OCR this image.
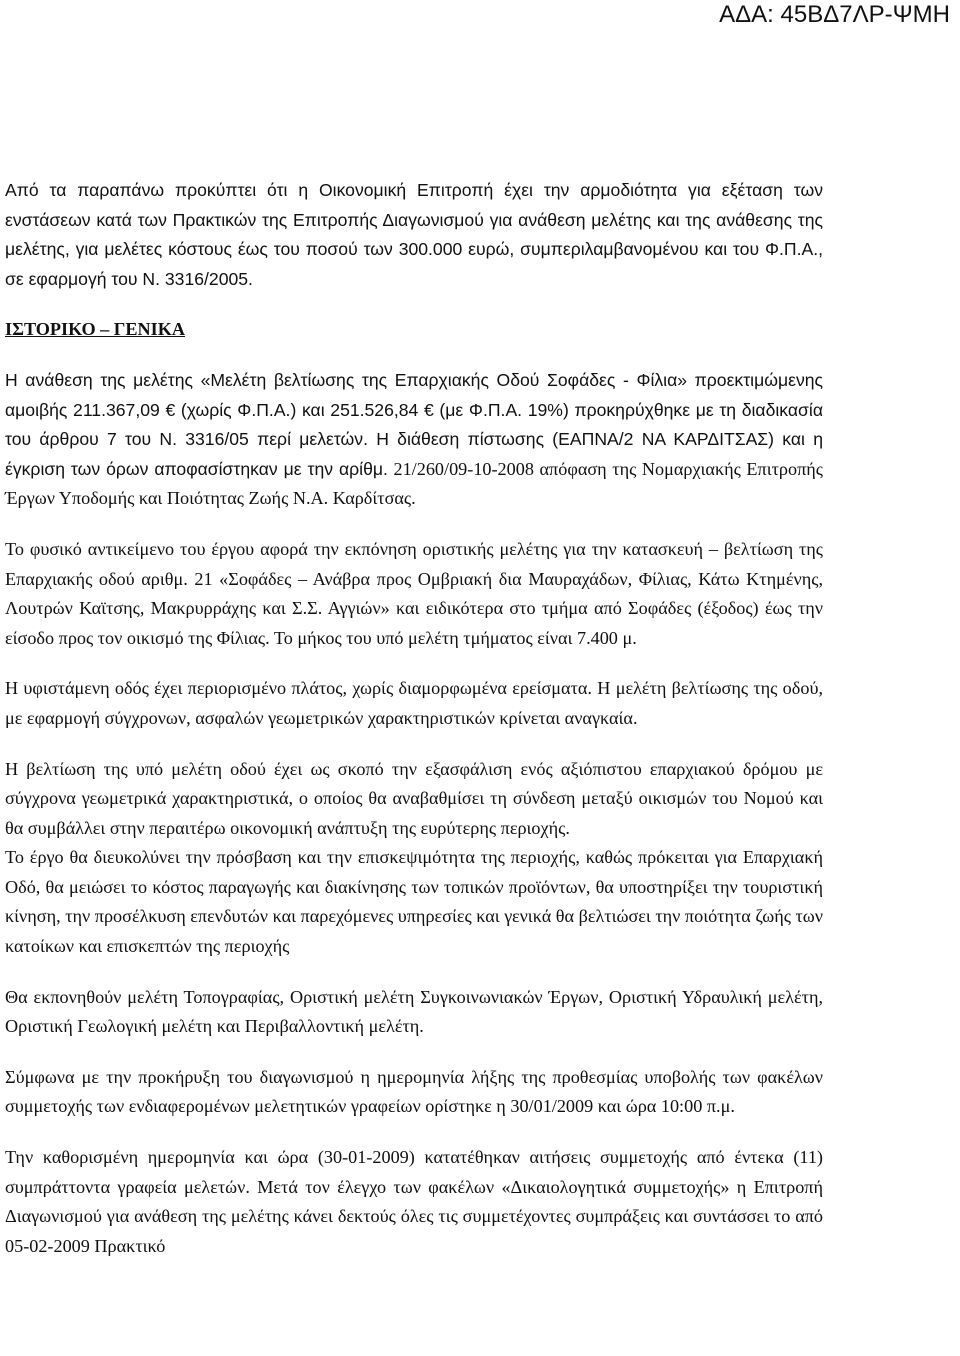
ΑΔΑ: 45ΒΔ7ΛΡ-ΨΜΗ

Από τα παραπάνω προκύπτει ότι η Οικονομική Επιτροπή έχει την αρμοδιότητα για εξέταση των ενστάσεων κατά των Πρακτικών της Επιτροπής Διαγωνισμού για ανάθεση μελέτης και της ανάθεσης της μελέτης, για μελέτες κόστους έως του ποσού των 300.000 ευρώ, συμπεριλαμβανομένου και του Φ.Π.Α., σε εφαρμογή του Ν. 3316/2005.

ΙΣΤΟΡΙΚΟ – ΓΕΝΙΚΑ

Η ανάθεση της μελέτης «Μελέτη βελτίωσης της Επαρχιακής Οδού Σοφάδες - Φίλια» προεκτιμώμενης αμοιβής 211.367,09 € (χωρίς Φ.Π.Α.) και 251.526,84 € (με Φ.Π.Α. 19%) προκηρύχθηκε με τη διαδικασία του άρθρου 7 του Ν. 3316/05 περί μελετών. Η διάθεση πίστωσης (ΕΑΠΝΑ/2 ΝΑ ΚΑΡΔΙΤΣΑΣ) και η έγκριση των όρων αποφασίστηκαν με την αρίθμ. 21/260/09-10-2008 απόφαση της Νομαρχιακής Επιτροπής Έργων Υποδομής και Ποιότητας Ζωής Ν.Α. Καρδίτσας.

Το φυσικό αντικείμενο του έργου αφορά την εκπόνηση οριστικής μελέτης για την κατασκευή – βελτίωση της Επαρχιακής οδού αριθμ. 21 «Σοφάδες – Ανάβρα προς Ομβριακή δια Μαυραχάδων, Φίλιας, Κάτω Κτημένης, Λουτρών Καϊτσης, Μακρυρράχης και Σ.Σ. Αγγιών» και ειδικότερα στο τμήμα από Σοφάδες (έξοδος) έως την είσοδο προς τον οικισμό της Φίλιας. Το μήκος του υπό μελέτη τμήματος είναι 7.400 μ.

Η υφιστάμενη οδός έχει περιορισμένο πλάτος, χωρίς διαμορφωμένα ερείσματα. Η μελέτη βελτίωσης της οδού, με εφαρμογή σύγχρονων, ασφαλών γεωμετρικών χαρακτηριστικών κρίνεται αναγκαία.

Η βελτίωση της υπό μελέτη οδού έχει ως σκοπό την εξασφάλιση ενός αξιόπιστου επαρχιακού δρόμου με σύγχρονα γεωμετρικά χαρακτηριστικά, ο οποίος θα αναβαθμίσει τη σύνδεση μεταξύ οικισμών του Νομού και θα συμβάλλει στην περαιτέρω οικονομική ανάπτυξη της ευρύτερης περιοχής.

Το έργο θα διευκολύνει την πρόσβαση και την επισκεψιμότητα της περιοχής, καθώς πρόκειται για Επαρχιακή Οδό, θα μειώσει το κόστος παραγωγής και διακίνησης των τοπικών προϊόντων, θα υποστηρίξει την τουριστική κίνηση, την προσέλκυση επενδυτών και παρεχόμενες υπηρεσίες και γενικά θα βελτιώσει την ποιότητα ζωής των κατοίκων και επισκεπτών της περιοχής

Θα εκπονηθούν μελέτη Τοπογραφίας, Οριστική μελέτη Συγκοινωνιακών Έργων, Οριστική Υδραυλική μελέτη, Οριστική Γεωλογική μελέτη και Περιβαλλοντική μελέτη.

Σύμφωνα με την προκήρυξη του διαγωνισμού η ημερομηνία λήξης της προθεσμίας υποβολής των φακέλων συμμετοχής των ενδιαφερομένων μελετητικών γραφείων ορίστηκε η 30/01/2009 και ώρα 10:00 π.μ.

Την καθορισμένη ημερομηνία και ώρα (30-01-2009) κατατέθηκαν αιτήσεις συμμετοχής από έντεκα (11) συμπράττοντα γραφεία μελετών. Μετά τον έλεγχο των φακέλων «Δικαιολογητικά συμμετοχής» η Επιτροπή Διαγωνισμού για ανάθεση της μελέτης κάνει δεκτούς όλες τις συμμετέχοντες συμπράξεις και συντάσσει το από 05-02-2009 Πρακτικό
